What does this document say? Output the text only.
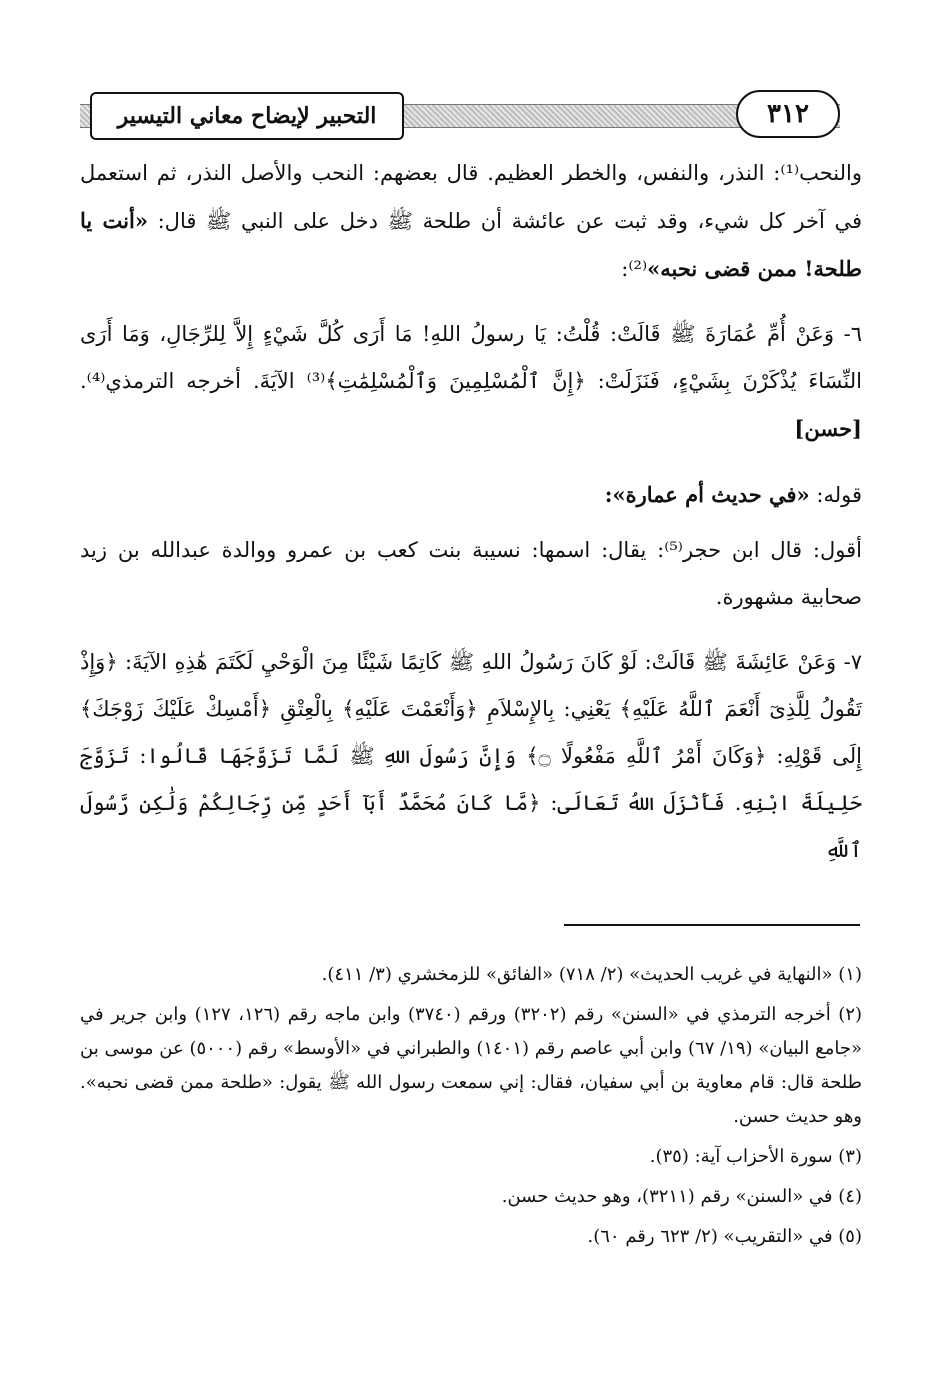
٣١٢
التحبير لإيضاح معاني التيسير

والنحب⁽¹⁾: النذر، والنفس، والخطر العظيم. قال بعضهم: النحب والأصل النذر، ثم استعمل في آخر كل شيء، وقد ثبت عن عائشة أن طلحة ﷺ دخل على النبي ﷺ قال: «أنت يا طلحة! ممن قضى نحبه»⁽²⁾:

٦- وَعَنْ أُمِّ عُمَارَةَ ﷺ قَالَتْ: قُلْتُ: يَا رسولُ اللهِ! مَا أَرَى كُلَّ شَيْءٍ إِلاَّ لِلرِّجَالِ، وَمَا أَرَى النِّسَاءَ يُذْكَرْنَ بِشَيْءٍ، فَنَزَلَتْ: ﴿إِنَّ ٱلْمُسْلِمِينَ وَٱلْمُسْلِمَٰتِ﴾⁽³⁾ الآيَةَ. أخرجه الترمذي⁽⁴⁾. [حسن]

قوله: «في حديث أم عمارة»:

أقول: قال ابن حجر⁽⁵⁾: يقال: اسمها: نسيبة بنت كعب بن عمرو ووالدة عبدالله بن زيد صحابية مشهورة.

٧- وَعَنْ عَائِشَةَ ﷺ قَالَتْ: لَوْ كَانَ رَسُولُ اللهِ ﷺ كَاتِمًا شَيْئًا مِنَ الْوَحْيِ لَكَتَمَ هَٰذِهِ الآيَةَ: ﴿وَإِذْ تَقُولُ لِلَّذِىٓ أَنْعَمَ ٱللَّهُ عَلَيْهِ﴾ يَعْنِي: بِالإِسْلاَمِ ﴿وَأَنْعَمْتَ عَلَيْهِ﴾ بِالْعِتْقِ ﴿أَمْسِكْ عَلَيْكَ زَوْجَكَ﴾ إِلَى قَوْلِهِ: ﴿وَكَانَ أَمْرُ ٱللَّهِ مَفْعُولًا ۝﴾ وَإِنَّ رَسُولَ اللهِ ﷺ لَمَّا تَزَوَّجَهَا قَالُوا: تَزَوَّجَ حَلِيلَةَ ابْنِهِ. فَأَنْزَلَ اللهُ تَعَالَى: ﴿مَّا كَانَ مُحَمَّدٌ أَبَآ أَحَدٍ مِّن رِّجَالِكُمْ وَلَٰكِن رَّسُولَ ٱللَّهِ

(١) «النهاية في غريب الحديث» (٢/ ٧١٨) «الفائق» للزمخشري (٣/ ٤١١).

(٢) أخرجه الترمذي في «السنن» رقم (٣٢٠٢) ورقم (٣٧٤٠) وابن ماجه رقم (١٢٦، ١٢٧) وابن جرير في «جامع البيان» (١٩/ ٦٧) وابن أبي عاصم رقم (١٤٠١) والطبراني في «الأوسط» رقم (٥٠٠٠) عن موسى بن طلحة قال: قام معاوية بن أبي سفيان، فقال: إني سمعت رسول الله ﷺ يقول: «طلحة ممن قضى نحبه». وهو حديث حسن.

(٣) سورة الأحزاب آية: (٣٥).

(٤) في «السنن» رقم (٣٢١١)، وهو حديث حسن.

(٥) في «التقريب» (٢/ ٦٢٣ رقم ٦٠).
